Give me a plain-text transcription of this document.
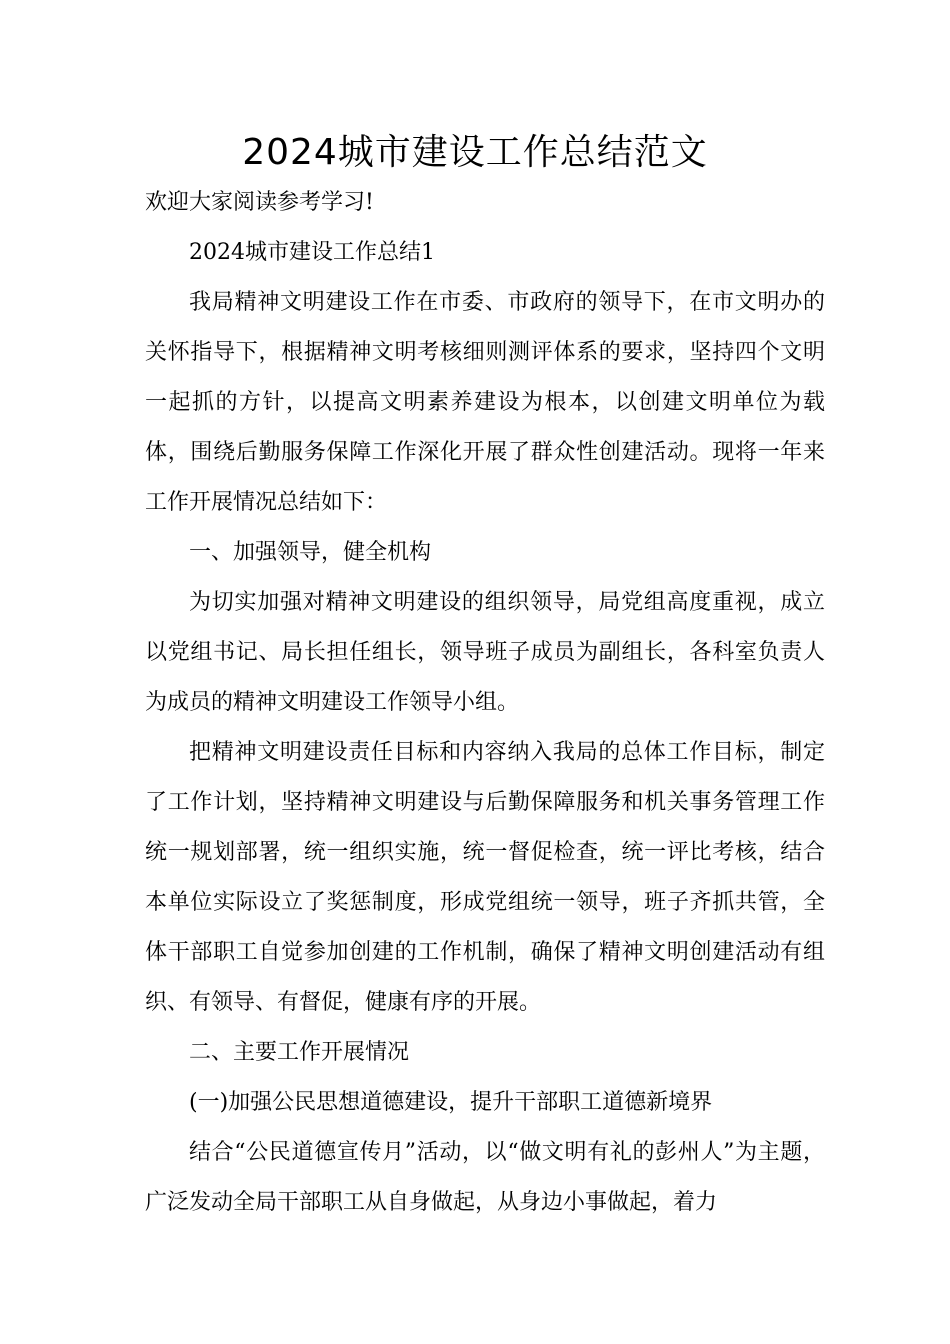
2024城市建设工作总结范文

欢迎大家阅读参考学习!

2024城市建设工作总结1

我局精神文明建设工作在市委、市政府的领导下，在市文明办的关怀指导下，根据精神文明考核细则测评体系的要求，坚持四个文明一起抓的方针，以提高文明素养建设为根本，以创建文明单位为载体，围绕后勤服务保障工作深化开展了群众性创建活动。现将一年来工作开展情况总结如下：

一、加强领导，健全机构

为切实加强对精神文明建设的组织领导，局党组高度重视，成立以党组书记、局长担任组长，领导班子成员为副组长，各科室负责人为成员的精神文明建设工作领导小组。

把精神文明建设责任目标和内容纳入我局的总体工作目标，制定了工作计划，坚持精神文明建设与后勤保障服务和机关事务管理工作统一规划部署，统一组织实施，统一督促检查，统一评比考核，结合本单位实际设立了奖惩制度，形成党组统一领导，班子齐抓共管，全体干部职工自觉参加创建的工作机制，确保了精神文明创建活动有组织、有领导、有督促，健康有序的开展。

二、主要工作开展情况

(一)加强公民思想道德建设，提升干部职工道德新境界

结合“公民道德宣传月”活动，以“做文明有礼的彭州人”为主题，广泛发动全局干部职工从自身做起，从身边小事做起，着力
